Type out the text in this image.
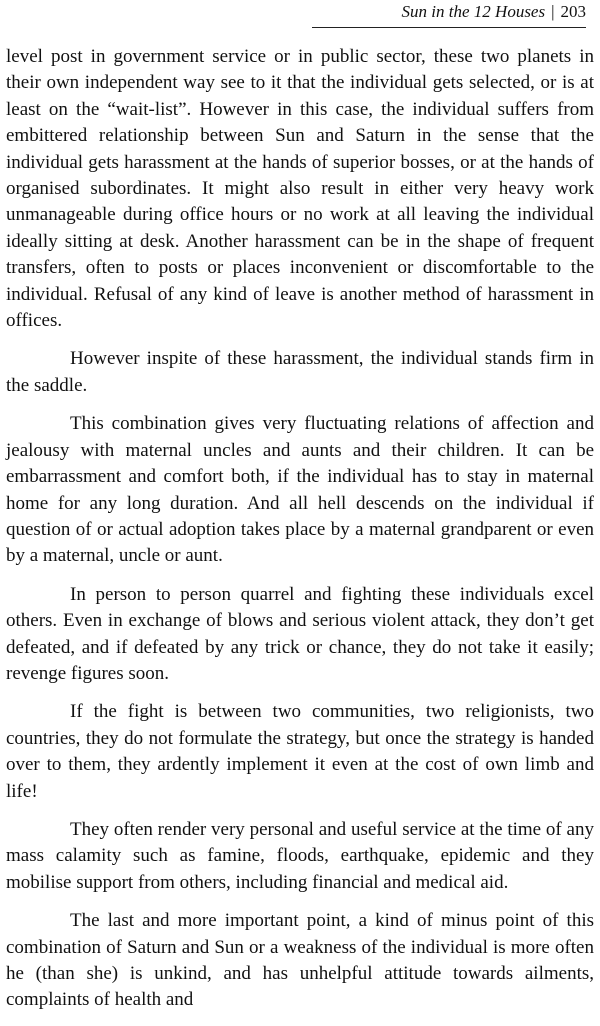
Sun in the 12 Houses | 203

level post in government service or in public sector, these two planets in their own independent way see to it that the individual gets selected, or is at least on the “wait-list”. However in this case, the individual suffers from embittered relationship between Sun and Saturn in the sense that the individual gets harassment at the hands of superior bosses, or at the hands of organised subordinates. It might also result in either very heavy work unmanageable during office hours or no work at all leaving the individual ideally sitting at desk. Another harassment can be in the shape of frequent transfers, often to posts or places inconvenient or discomfortable to the individual. Refusal of any kind of leave is another method of harassment in offices.

However inspite of these harassment, the individual stands firm in the saddle.

This combination gives very fluctuating relations of affection and jealousy with maternal uncles and aunts and their children. It can be embarrassment and comfort both, if the individual has to stay in maternal home for any long duration. And all hell descends on the individual if question of or actual adoption takes place by a maternal grandparent or even by a maternal, uncle or aunt.

In person to person quarrel and fighting these individuals excel others. Even in exchange of blows and serious violent attack, they don’t get defeated, and if defeated by any trick or chance, they do not take it easily; revenge figures soon.

If the fight is between two communities, two religionists, two countries, they do not formulate the strategy, but once the strategy is handed over to them, they ardently implement it even at the cost of own limb and life!

They often render very personal and useful service at the time of any mass calamity such as famine, floods, earthquake, epidemic and they mobilise support from others, including financial and medical aid.

The last and more important point, a kind of minus point of this combination of Saturn and Sun or a weakness of the individual is more often he (than she) is unkind, and has unhelpful attitude towards ailments, complaints of health and
